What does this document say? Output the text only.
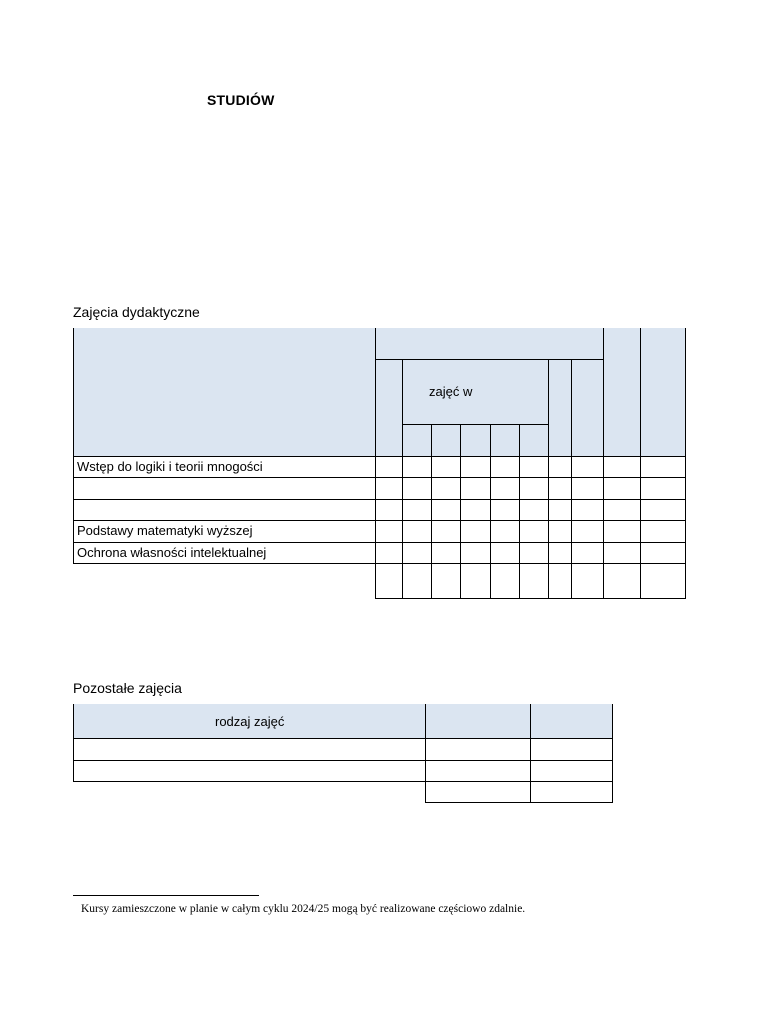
STUDIÓW
Zajęcia dydaktyczne
zajęć w
Wstęp do logiki i teorii mnogości
Podstawy matematyki wyższej
Ochrona własności intelektualnej
Pozostałe zajęcia
rodzaj zajęć
Kursy zamieszczone w planie w całym cyklu 2024/25 mogą być realizowane częściowo zdalnie.
